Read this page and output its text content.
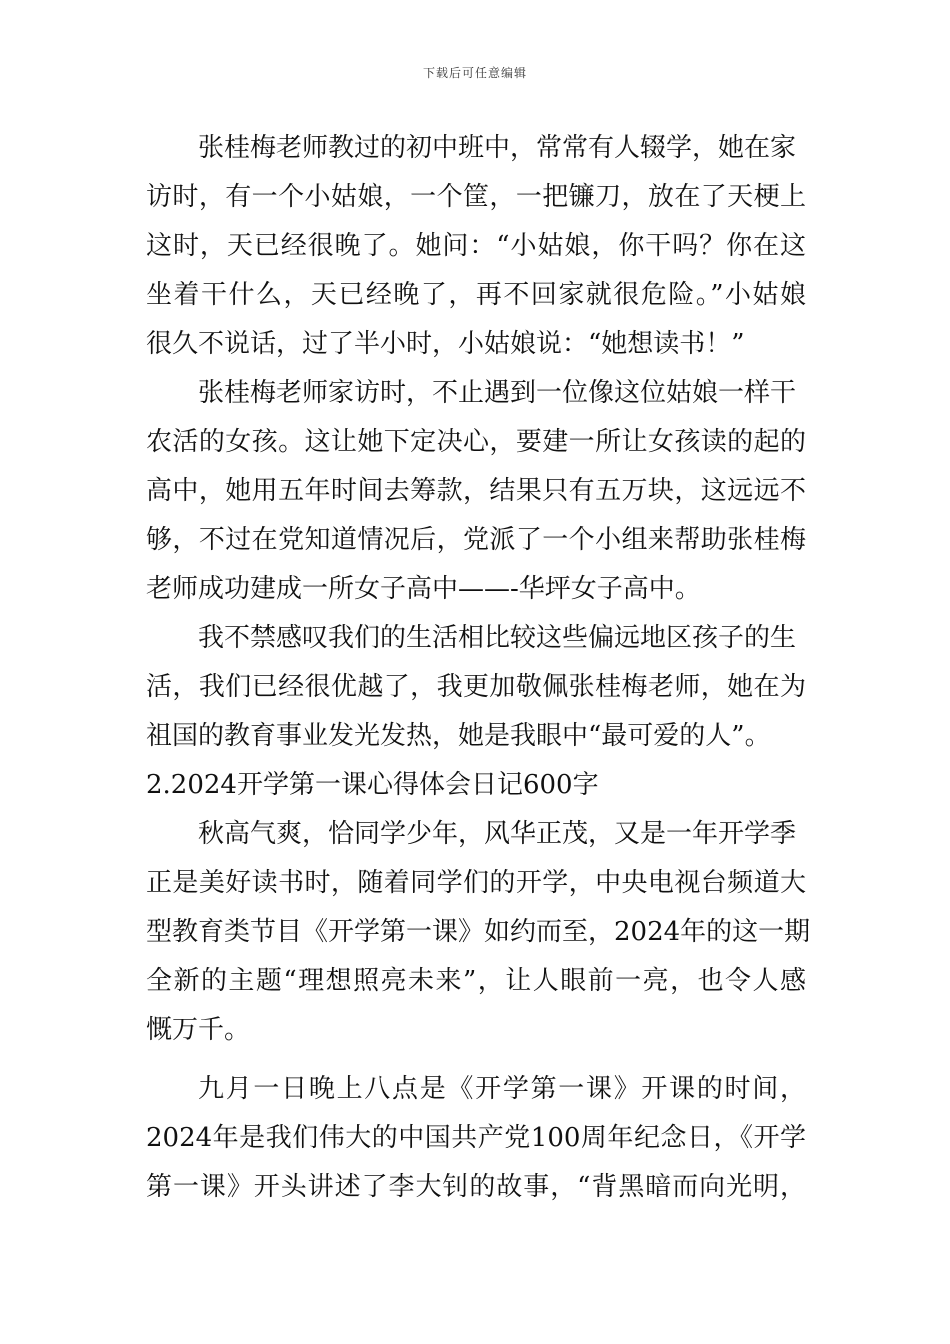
下载后可任意编辑
张桂梅老师教过的初中班中，常常有人辍学，她在家
访时，有一个小姑娘，一个筐，一把镰刀，放在了天梗上
这时，天已经很晚了。她问：“小姑娘，你干吗？你在这
坐着干什么，天已经晚了，再不回家就很危险。”小姑娘
很久不说话，过了半小时，小姑娘说：“她想读书！”
张桂梅老师家访时，不止遇到一位像这位姑娘一样干
农活的女孩。这让她下定决心，要建一所让女孩读的起的
高中，她用五年时间去筹款，结果只有五万块，这远远不
够，不过在党知道情况后，党派了一个小组来帮助张桂梅
老师成功建成一所女子高中——-华坪女子高中。
我不禁感叹我们的生活相比较这些偏远地区孩子的生
活，我们已经很优越了，我更加敬佩张桂梅老师，她在为
祖国的教育事业发光发热，她是我眼中“最可爱的人”。
2.2024开学第一课心得体会日记600字
秋高气爽，恰同学少年，风华正茂，又是一年开学季
正是美好读书时，随着同学们的开学，中央电视台频道大
型教育类节目《开学第一课》如约而至，2024年的这一期
全新的主题“理想照亮未来”，让人眼前一亮，也令人感
慨万千。
九月一日晚上八点是《开学第一课》开课的时间，
2024年是我们伟大的中国共产党100周年纪念日，《开学
第一课》开头讲述了李大钊的故事，“背黑暗而向光明，
